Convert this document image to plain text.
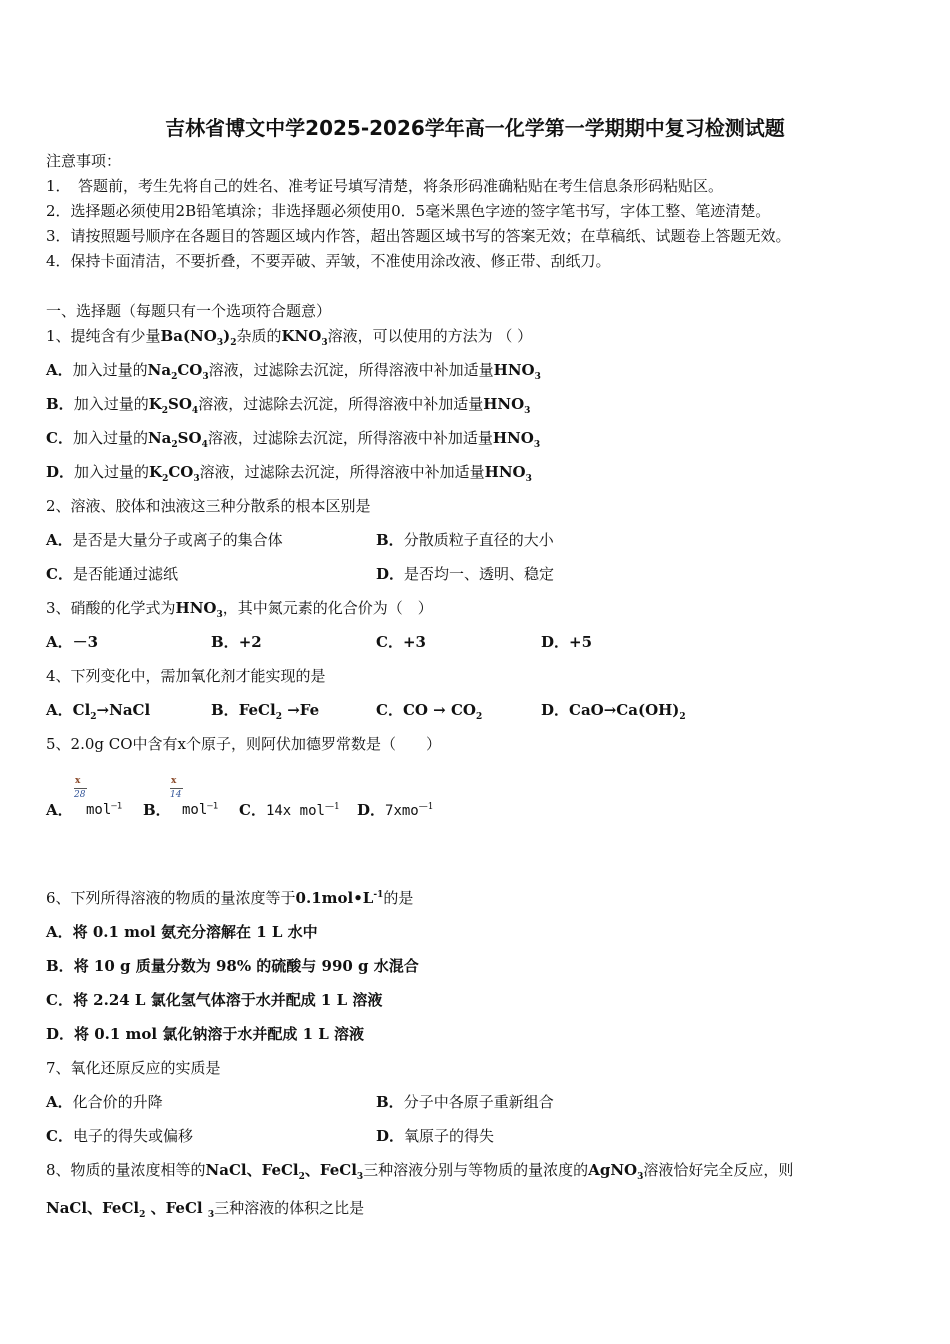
吉林省博文中学2025-2026学年高一化学第一学期期中复习检测试题
注意事项：
1．　答题前，考生先将自己的姓名、准考证号填写清楚，将条形码准确粘贴在考生信息条形码粘贴区。
2．选择题必须使用2B铅笔填涂；非选择题必须使用0．5毫米黑色字迹的签字笔书写，字体工整、笔迹清楚。
3．请按照题号顺序在各题目的答题区域内作答，超出答题区域书写的答案无效；在草稿纸、试题卷上答题无效。
4．保持卡面清洁，不要折叠，不要弄破、弄皱，不准使用涂改液、修正带、刮纸刀。
一、选择题（每题只有一个选项符合题意）
1、提纯含有少量$Ba(NO_3)_2$杂质的$KNO_3$溶液，可以使用的方法为 （ ）
A．加入过量的$Na_2CO_3$溶液，过滤除去沉淀，所得溶液中补加适量$HNO_3$
B．加入过量的$K_2SO_4$溶液，过滤除去沉淀，所得溶液中补加适量$HNO_3$
C．加入过量的$Na_2SO_4$溶液，过滤除去沉淀，所得溶液中补加适量$HNO_3$
D．加入过量的$K_2CO_3$溶液，过滤除去沉淀，所得溶液中补加适量$HNO_3$
2、溶液、胶体和浊液这三种分散系的根本区别是
A．是否是大量分子或离子的集合体	B．分散质粒子直径的大小
C．是否能通过滤纸	D．是否均一、透明、稳定
3、硝酸的化学式为$HNO_3$，其中氮元素的化合价为（　）
A．－3	B．+2	C．+3	D．+5
4、下列变化中，需加氧化剂才能实现的是
A．$Cl_2\to NaCl$	B．FeCl$_2$ →Fe	C．CO → $CO_2$	D．$CaO\to Ca(OH)_2$
5、2.0g CO中含有x个原子，则阿伏加德罗常数是（　　）
A．
x
28
mol$^{—1}$ B．
x
14
mol$^{—1}$ C．14x mol$^{—1}$ D．7xmo$^{—1}$
6、下列所得溶液的物质的量浓度等于$0.1mol•L^{-1}$的是
A．将 0.1 mol 氨充分溶解在 1 L 水中
B．将 10 g 质量分数为 98% 的硫酸与 990 g 水混合
C．将 2.24 L 氯化氢气体溶于水并配成 1 L 溶液
D．将 0.1 mol 氯化钠溶于水并配成 1 L 溶液
7、氧化还原反应的实质是
A．化合价的升降	B．分子中各原子重新组合
C．电子的得失或偏移	D．氧原子的得失
8、物质的量浓度相等的NaCl、FeCl$_2$、FeCl$_3$三种溶液分别与等物质的量浓度的AgNO$_3$溶液恰好完全反应，则
NaCl、FeCl$_2$ 、FeCl $_3$三种溶液的体积之比是
